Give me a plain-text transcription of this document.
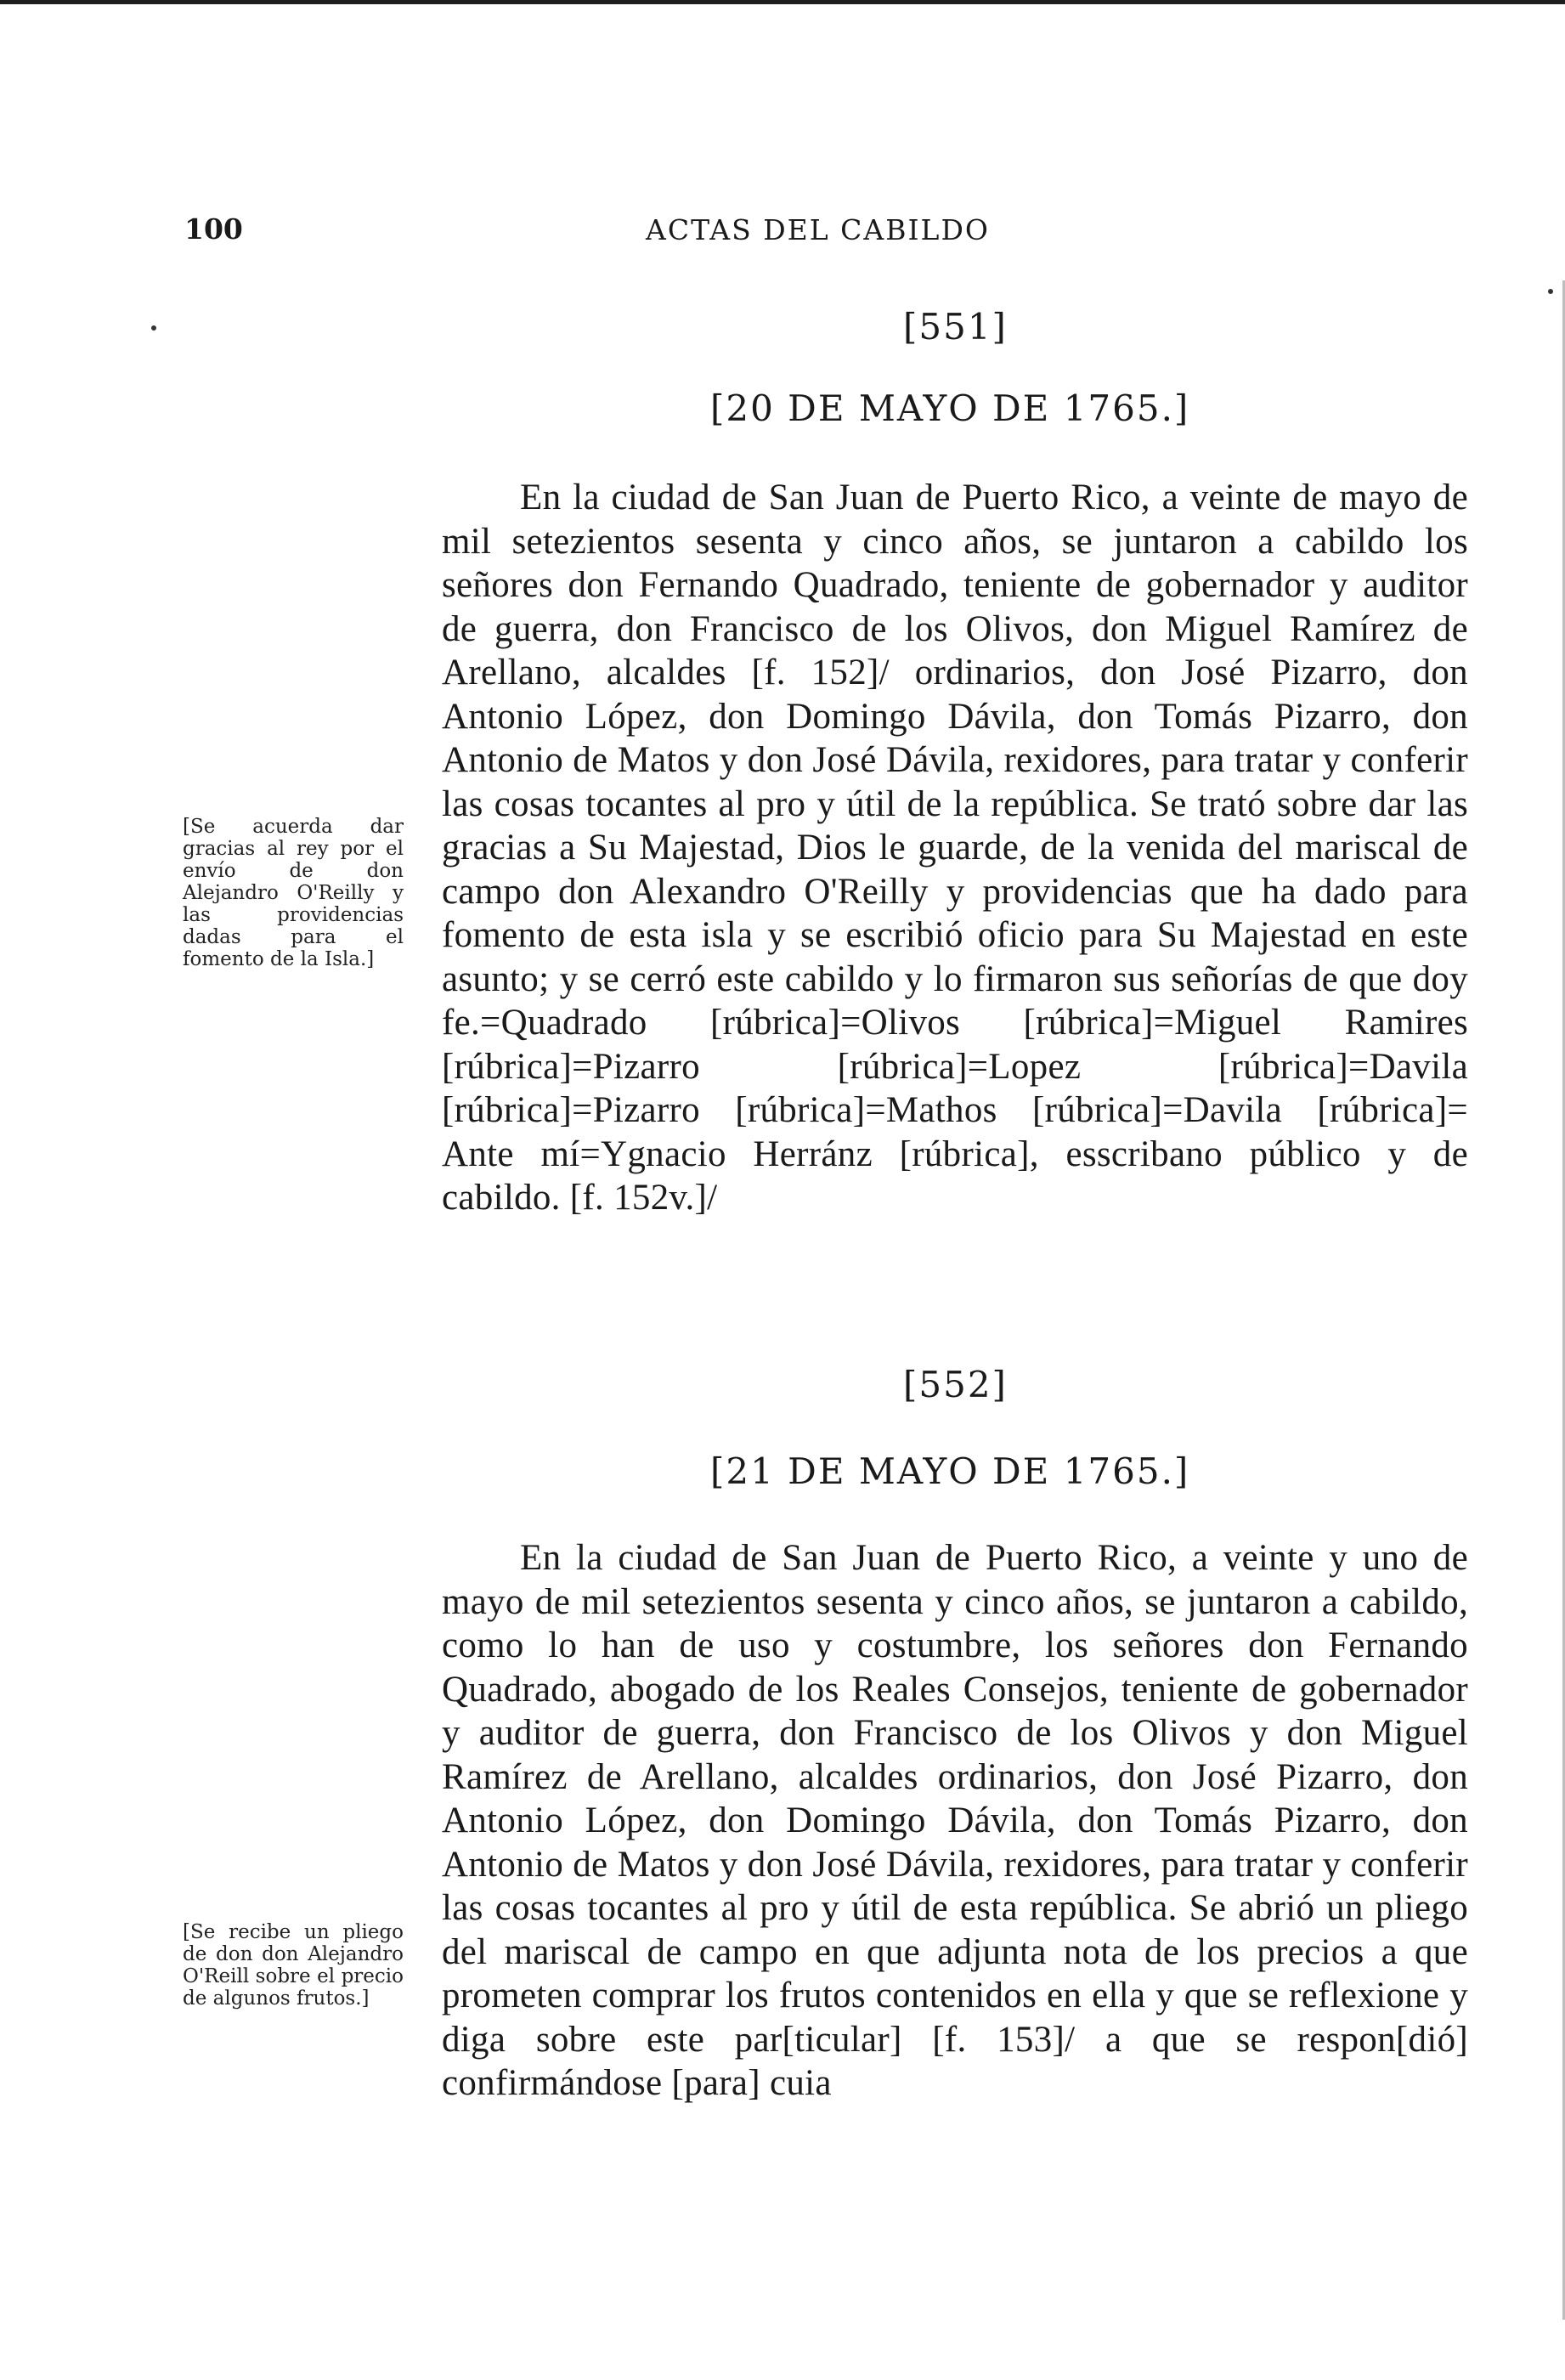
100	ACTAS DEL CABILDO
[551]
[20 DE MAYO DE 1765.]

[Se acuerda dar gracias al rey por el envío de don Alejandro O'Reilly y las providencias dadas para el fomento de la Isla.]

En la ciudad de San Juan de Puerto Rico, a veinte de mayo de mil setezientos sesenta y cinco años, se juntaron a cabildo los señores don Fernando Quadrado, teniente de gobernador y auditor de guerra, don Francisco de los Olivos, don Miguel Ramírez de Arellano, alcaldes [f. 152]/ ordinarios, don José Pizarro, don Antonio López, don Domingo Dávila, don Tomás Pizarro, don Antonio de Matos y don José Dávila, rexidores, para tratar y conferir las cosas tocantes al pro y útil de la república. Se trató sobre dar las gracias a Su Majestad, Dios le guarde, de la venida del mariscal de campo don Alexandro O'Reilly y providencias que ha dado para fomento de esta isla y se escribió oficio para Su Majestad en este asunto; y se cerró este cabildo y lo firmaron sus señorías de que doy fe.=Quadrado [rúbrica]=Olivos [rúbrica]=Miguel Ramires [rúbrica]=Pizarro [rúbrica]=Lopez [rúbrica]=Davila [rúbrica]=Pizarro [rúbrica]=Mathos [rúbrica]=Davila [rúbrica]= Ante mí=Ygnacio Herránz [rúbrica], esscribano público y de cabildo. [f. 152v.]/

[552]
[21 DE MAYO DE 1765.]

[Se recibe un pliego de don don Alejandro O'Reill sobre el precio de algunos frutos.]

En la ciudad de San Juan de Puerto Rico, a veinte y uno de mayo de mil setezientos sesenta y cinco años, se juntaron a cabildo, como lo han de uso y costumbre, los señores don Fernando Quadrado, abogado de los Reales Consejos, teniente de gobernador y auditor de guerra, don Francisco de los Olivos y don Miguel Ramírez de Arellano, alcaldes ordinarios, don José Pizarro, don Antonio López, don Domingo Dávila, don Tomás Pizarro, don Antonio de Matos y don José Dávila, rexidores, para tratar y conferir las cosas tocantes al pro y útil de esta república. Se abrió un pliego del mariscal de campo en que adjunta nota de los precios a que prometen comprar los frutos contenidos en ella y que se reflexione y diga sobre este par[ticular] [f. 153]/ a que se respon[dió] confirmándose [para] cuia
